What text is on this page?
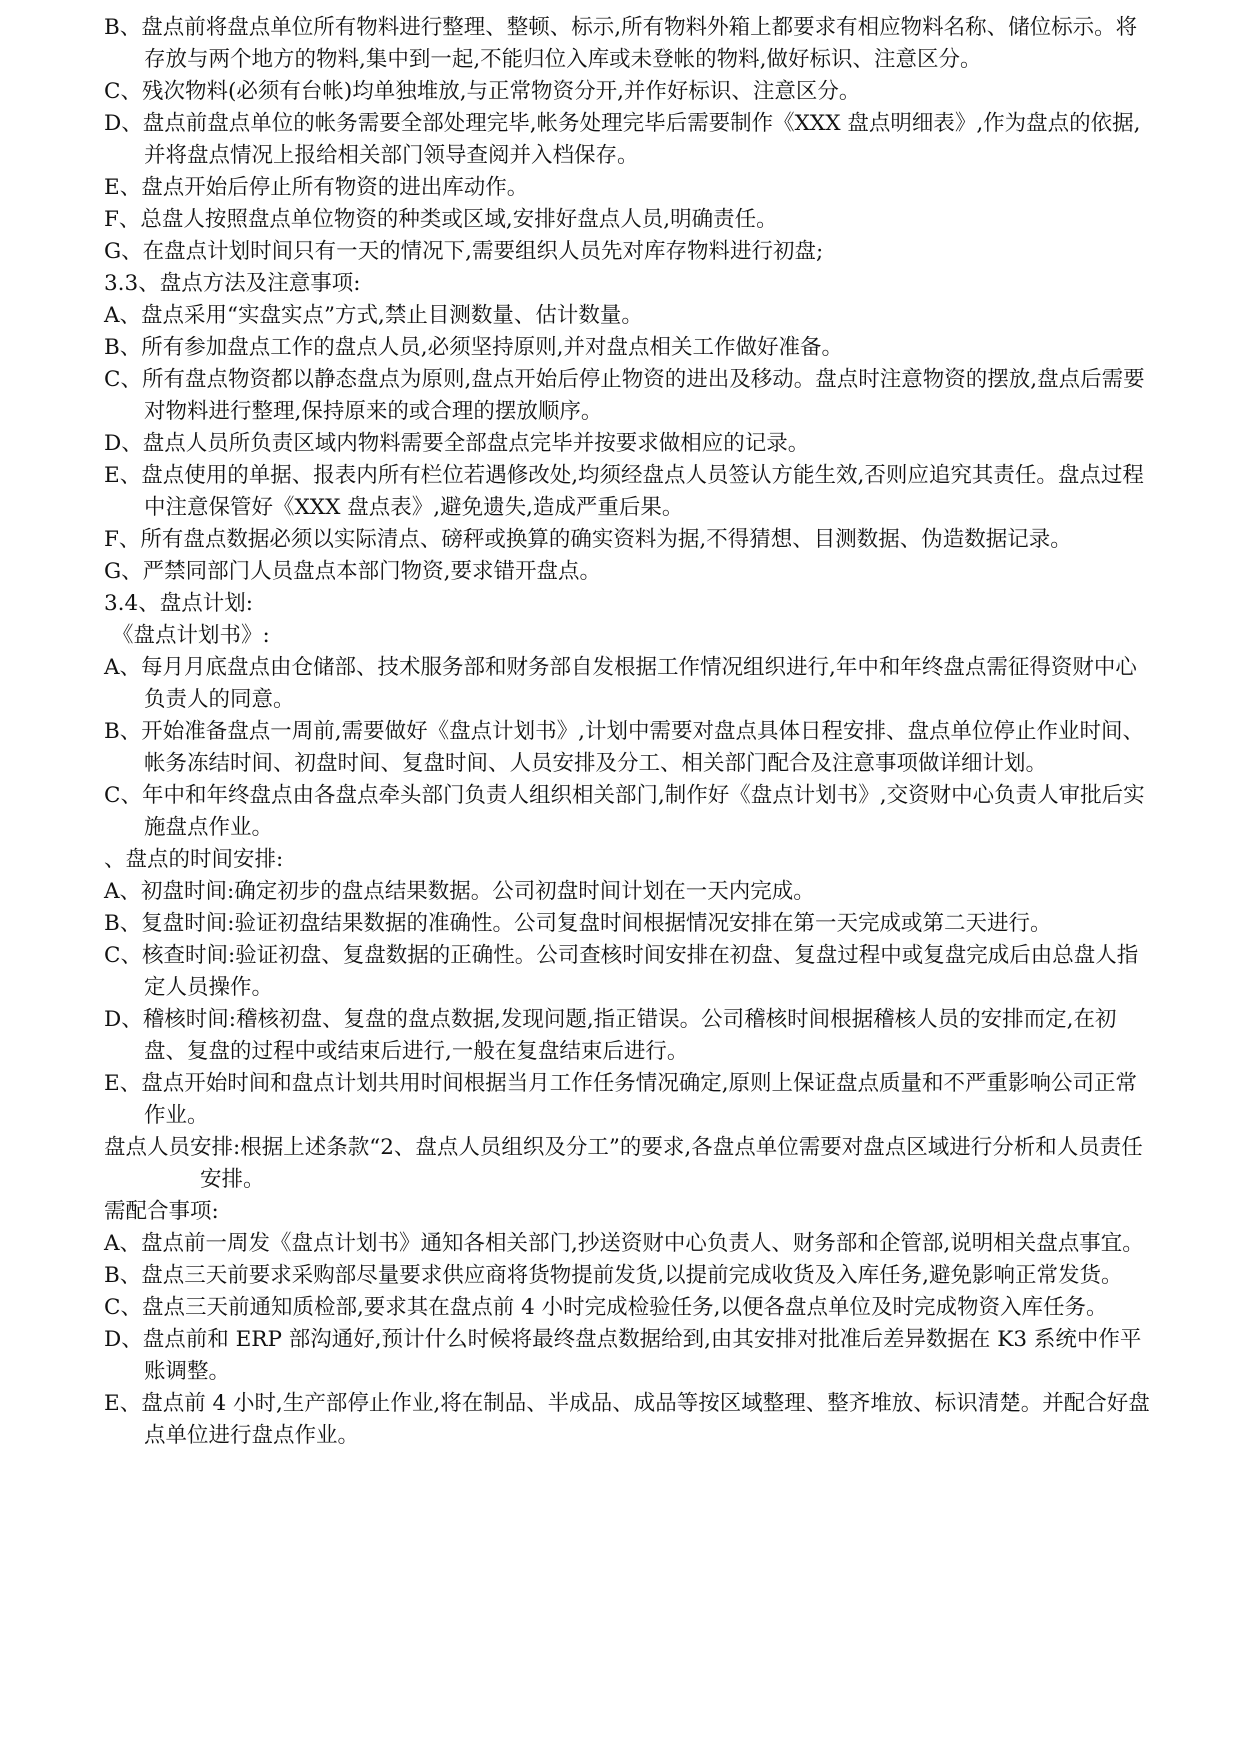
B、盘点前将盘点单位所有物料进行整理、整顿、标示,所有物料外箱上都要求有相应物料名称、储位标示。将存放与两个地方的物料,集中到一起,不能归位入库或未登帐的物料,做好标识、注意区分。

C、残次物料(必须有台帐)均单独堆放,与正常物资分开,并作好标识、注意区分。

D、盘点前盘点单位的帐务需要全部处理完毕,帐务处理完毕后需要制作《XXX 盘点明细表》,作为盘点的依据,并将盘点情况上报给相关部门领导查阅并入档保存。

E、盘点开始后停止所有物资的进出库动作。

F、总盘人按照盘点单位物资的种类或区域,安排好盘点人员,明确责任。

G、在盘点计划时间只有一天的情况下,需要组织人员先对库存物料进行初盘;

3.3、盘点方法及注意事项:

A、盘点采用“实盘实点”方式,禁止目测数量、估计数量。

B、所有参加盘点工作的盘点人员,必须坚持原则,并对盘点相关工作做好准备。

C、所有盘点物资都以静态盘点为原则,盘点开始后停止物资的进出及移动。盘点时注意物资的摆放,盘点后需要对物料进行整理,保持原来的或合理的摆放顺序。

D、盘点人员所负责区域内物料需要全部盘点完毕并按要求做相应的记录。

E、盘点使用的单据、报表内所有栏位若遇修改处,均须经盘点人员签认方能生效,否则应追究其责任。盘点过程中注意保管好《XXX 盘点表》,避免遗失,造成严重后果。

F、所有盘点数据必须以实际清点、磅秤或换算的确实资料为据,不得猜想、目测数据、伪造数据记录。

G、严禁同部门人员盘点本部门物资,要求错开盘点。

3.4、盘点计划:

《盘点计划书》:

A、每月月底盘点由仓储部、技术服务部和财务部自发根据工作情况组织进行,年中和年终盘点需征得资财中心负责人的同意。

B、开始准备盘点一周前,需要做好《盘点计划书》,计划中需要对盘点具体日程安排、盘点单位停止作业时间、帐务冻结时间、初盘时间、复盘时间、人员安排及分工、相关部门配合及注意事项做详细计划。

C、年中和年终盘点由各盘点牵头部门负责人组织相关部门,制作好《盘点计划书》,交资财中心负责人审批后实施盘点作业。

、盘点的时间安排:

A、初盘时间:确定初步的盘点结果数据。公司初盘时间计划在一天内完成。

B、复盘时间:验证初盘结果数据的准确性。公司复盘时间根据情况安排在第一天完成或第二天进行。

C、核查时间:验证初盘、复盘数据的正确性。公司查核时间安排在初盘、复盘过程中或复盘完成后由总盘人指定人员操作。

D、稽核时间:稽核初盘、复盘的盘点数据,发现问题,指正错误。公司稽核时间根据稽核人员的安排而定,在初盘、复盘的过程中或结束后进行,一般在复盘结束后进行。

E、盘点开始时间和盘点计划共用时间根据当月工作任务情况确定,原则上保证盘点质量和不严重影响公司正常作业。

盘点人员安排:根据上述条款“2、盘点人员组织及分工”的要求,各盘点单位需要对盘点区域进行分析和人员责任安排。

需配合事项:

A、盘点前一周发《盘点计划书》通知各相关部门,抄送资财中心负责人、财务部和企管部,说明相关盘点事宜。

B、盘点三天前要求采购部尽量要求供应商将货物提前发货,以提前完成收货及入库任务,避免影响正常发货。

C、盘点三天前通知质检部,要求其在盘点前 4 小时完成检验任务,以便各盘点单位及时完成物资入库任务。

D、盘点前和 ERP 部沟通好,预计什么时候将最终盘点数据给到,由其安排对批准后差异数据在 K3 系统中作平账调整。

E、盘点前 4 小时,生产部停止作业,将在制品、半成品、成品等按区域整理、整齐堆放、标识清楚。并配合好盘点单位进行盘点作业。
